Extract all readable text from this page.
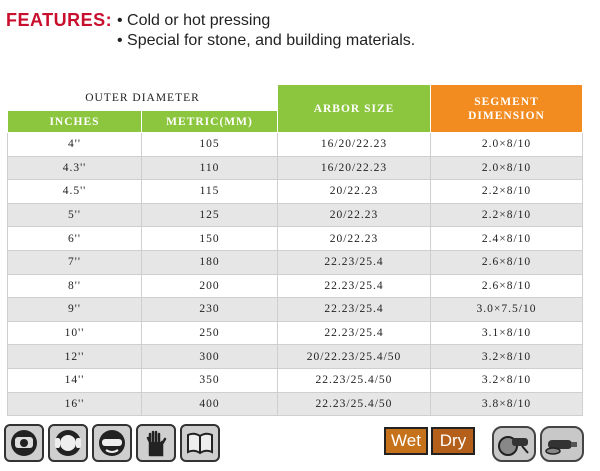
FEATURES: • Cold or hot pressing
• Special for stone, and building materials.
OUTER DIAMETER		ARBOR SIZE	SEGMENT
DIMENSION
INCHES	METRIC(MM)		
4''	105	16/20/22.23	2.0×8/10
4.3''	110	16/20/22.23	2.0×8/10
4.5''	115	20/22.23	2.2×8/10
5''	125	20/22.23	2.2×8/10
6''	150	20/22.23	2.4×8/10
7''	180	22.23/25.4	2.6×8/10
8''	200	22.23/25.4	2.6×8/10
9''	230	22.23/25.4	3.0×7.5/10
10''	250	22.23/25.4	3.1×8/10
12''	300	20/22.23/25.4/50	3.2×8/10
14''	350	22.23/25.4/50	3.2×8/10
16''	400	22.23/25.4/50	3.8×8/10
Wet	Dry
